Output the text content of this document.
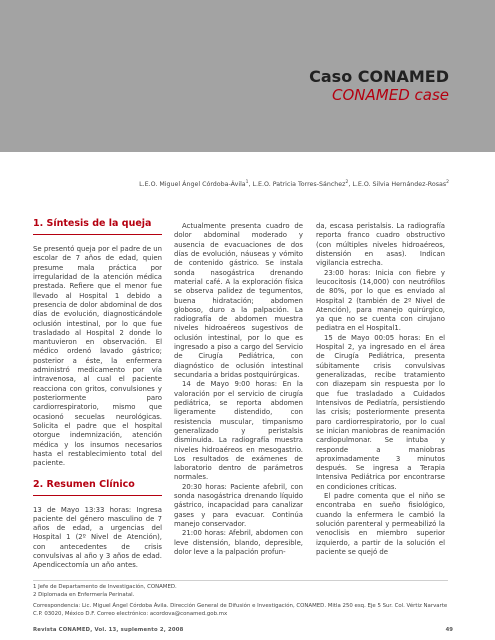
Caso CONAMED
CONAMED case
L.E.O. Miguel Ángel Córdoba-Ávila$^1$, L.E.O. Patricia Torres-Sánchez$^2$, L.E.O. Silvia Hernández-Rosas$^2$
1. Síntesis de la queja

Se presentó queja por el padre de un escolar de 7 años de edad, quien presume mala práctica por irregularidad de la atención médica prestada. Refiere que el menor fue llevado al Hospital 1 debido a presencia de dolor abdominal de dos días de evolución, diagnosticándole oclusión intestinal, por lo que fue trasladado al Hospital 2 donde lo mantuvieron en observación. El médico ordenó lavado gástrico; posterior a éste, la enfermera administró medicamento por vía intravenosa, al cual el paciente reacciona con gritos, convulsiones y posteriormente paro cardiorrespiratorio, mismo que ocasionó secuelas neurológicas. Solicita el padre que el hospital otorgue indemnización, atención médica y los insumos necesarios hasta el restablecimiento total del paciente.

2. Resumen Clínico

13 de Mayo 13:33 horas: Ingresa paciente del género masculino de 7 años de edad, a urgencias del Hospital 1 (2º Nivel de Atención), con antecedentes de crisis convulsivas al año y 3 años de edad. Apendicectomía un año antes.

Actualmente presenta cuadro de dolor abdominal moderado y ausencia de evacuaciones de dos días de evolución, náuseas y vómito de contenido gástrico. Se instala sonda nasogástrica drenando material café. A la exploración física se observa palidez de tegumentos, buena hidratación; abdomen globoso, duro a la palpación. La radiografía de abdomen muestra niveles hidroaéreos sugestivos de oclusión intestinal, por lo que es ingresado a piso a cargo del Servicio de Cirugía Pediátrica, con diagnóstico de oclusión intestinal secundaria a bridas postquirúrgicas.

14 de Mayo 9:00 horas: En la valoración por el servicio de cirugía pediátrica, se reporta abdomen ligeramente distendido, con resistencia muscular, timpanismo generalizado y peristalsis disminuida. La radiografía muestra niveles hidroaéreos en mesogastrio. Los resultados de exámenes de laboratorio dentro de parámetros normales.

20:30 horas: Paciente afebril, con sonda nasogástrica drenando líquido gástrico, incapacidad para canalizar gases y para evacuar. Continúa manejo conservador.

21:00 horas: Afebril, abdomen con leve distensión, blando, depresible, dolor leve a la palpación profun-

da, escasa peristalsis. La radiografía reporta franco cuadro obstructivo (con múltiples niveles hidroaéreos, distensión en asas). Indican vigilancia estrecha.

23:00 horas: Inicia con fiebre y leucocitosis (14,000) con neutrófilos de 80%, por lo que es enviado al Hospital 2 (también de 2º Nivel de Atención), para manejo quirúrgico, ya que no se cuenta con cirujano pediatra en el Hospital1.

15 de Mayo 00:05 horas: En el Hospital 2, ya ingresado en el área de Cirugía Pediátrica, presenta súbitamente crisis convulsivas generalizadas, recibe tratamiento con diazepam sin respuesta por lo que fue trasladado a Cuidados Intensivos de Pediatría, persistiendo las crisis; posteriormente presenta paro cardiorrespiratorio, por lo cual se inician maniobras de reanimación cardiopulmonar. Se intuba y responde a maniobras aproximadamente 3 minutos después. Se ingresa a Terapia Intensiva Pediátrica por encontrarse en condiciones críticas.

El padre comenta que el niño se encontraba en sueño fisiológico, cuando la enfermera le cambió la solución parenteral y permeabilizó la venoclisis en miembro superior izquierdo, a partir de la solución el paciente se quejó de

1 Jefe de Departamento de Investigación, CONAMED.
2 Diplomada en Enfermería Perinatal.
Correspondencia: Lic. Miguel Ángel Córdoba Ávila. Dirección General de Difusión e Investigación, CONAMED. Mitla 250 esq. Eje 5 Sur. Col. Vértiz Narvarte C.P. 03020, México D.F. Correo electrónico: acordova@conamed.gob.mx
Revista CONAMED, Vol. 13, suplemento 2, 2008	49
